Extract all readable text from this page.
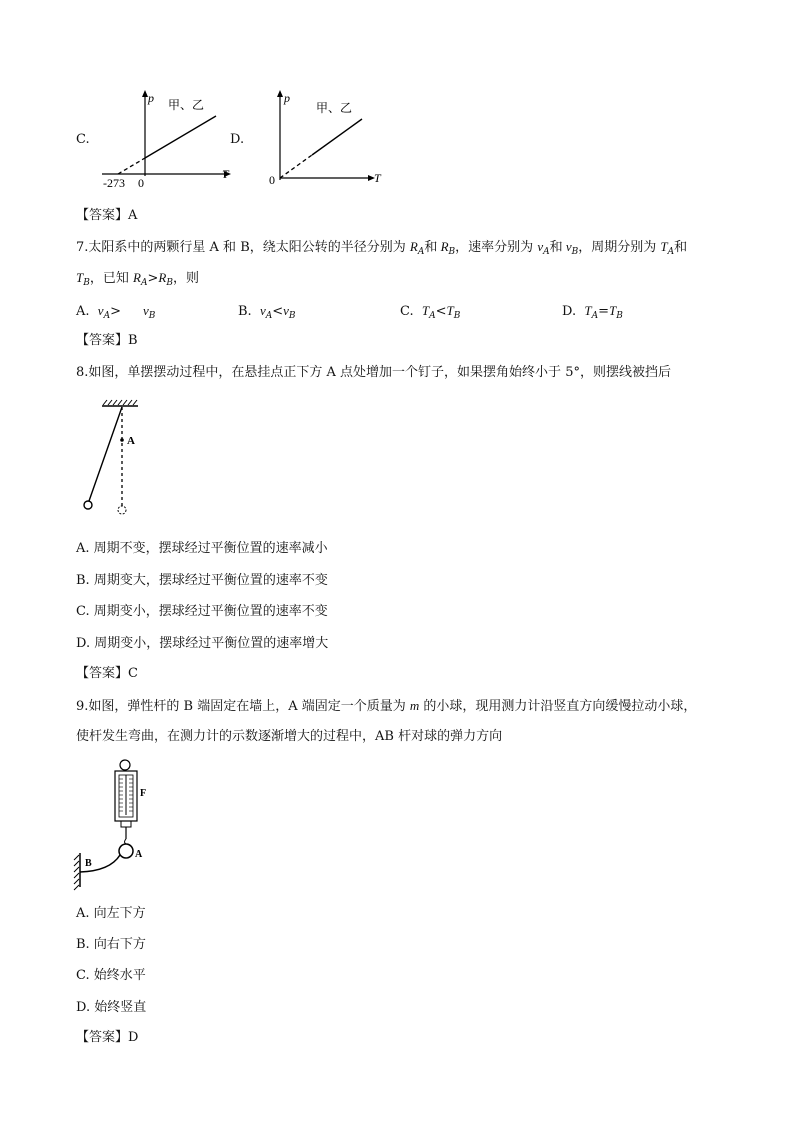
C.
p
T
甲、乙
-273 0
D.
p
T
甲、乙
0
【答案】A
7.太阳系中的两颗行星 A 和 B，绕太阳公转的半径分别为 $R_A$和 $R_B$，速率分别为 $v_A$和 $v_B$，周期分别为 $T_A$和
$T_B$，已知 $R_A>R_B$，则
A. $v_A> v_B$	B. $v_A<v_B$	C. $T_A<T_B$	D. $T_A=T_B$
【答案】B
8.如图，单摆摆动过程中，在悬挂点正下方 A 点处增加一个钉子，如果摆角始终小于 5°，则摆线被挡后
A
A. 周期不变，摆球经过平衡位置的速率减小
B. 周期变大，摆球经过平衡位置的速率不变
C. 周期变小，摆球经过平衡位置的速率不变
D. 周期变小，摆球经过平衡位置的速率增大
【答案】C
9.如图，弹性杆的 B 端固定在墙上，A 端固定一个质量为 m 的小球，现用测力计沿竖直方向缓慢拉动小球，
使杆发生弯曲，在测力计的示数逐渐增大的过程中，AB 杆对球的弹力方向
F
A
B
A. 向左下方
B. 向右下方
C. 始终水平
D. 始终竖直
【答案】D
